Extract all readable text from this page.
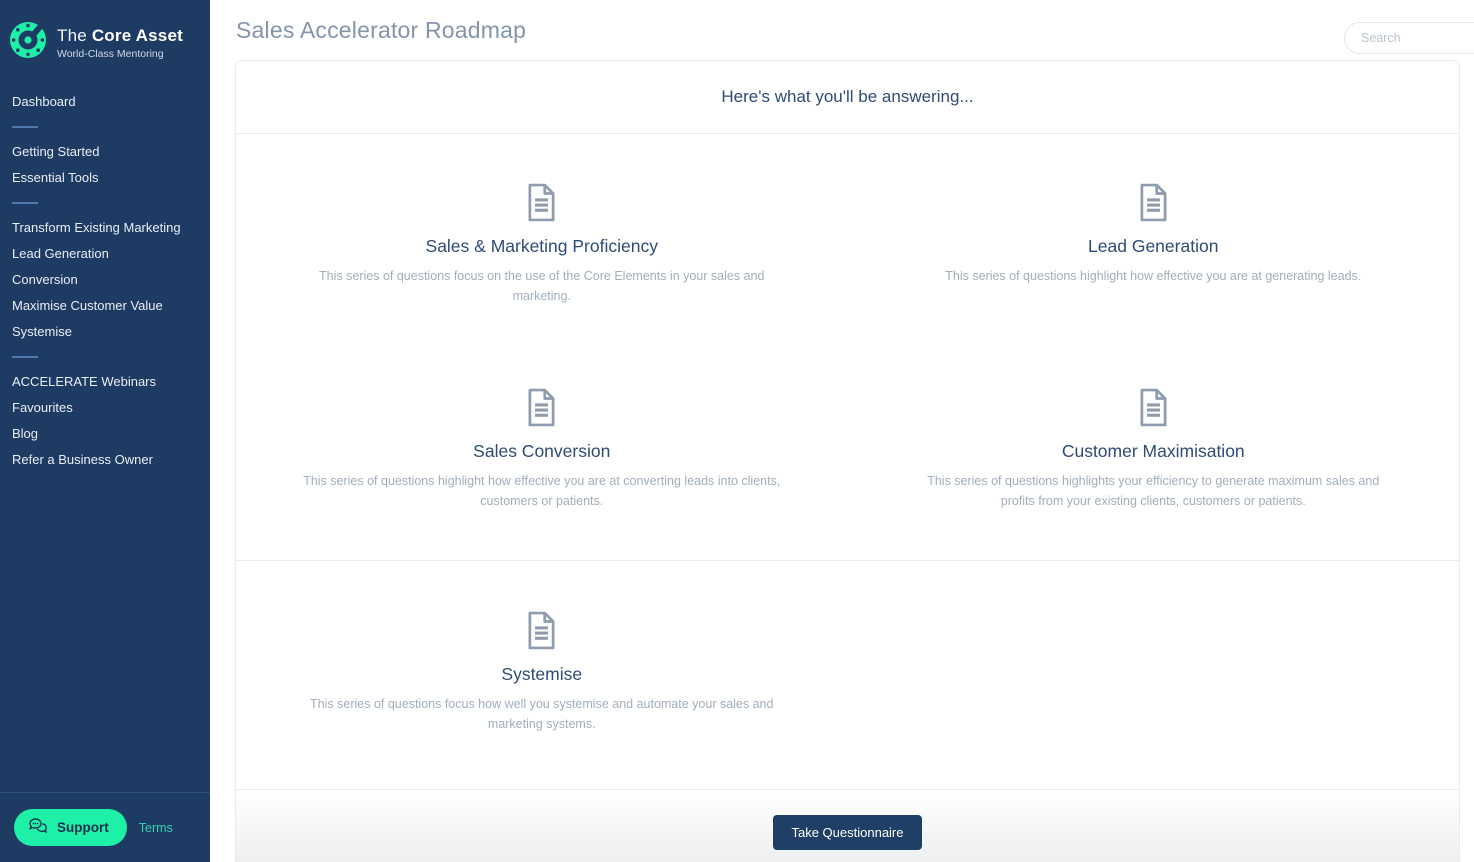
The Core Asset
World-Class Mentoring
Dashboard
Getting Started
Essential Tools
Transform Existing Marketing
Lead Generation
Conversion
Maximise Customer Value
Systemise
ACCELERATE Webinars
Favourites
Blog
Refer a Business Owner
Support Terms
Sales Accelerator Roadmap
Search

Here's what you'll be answering...

Sales & Marketing Proficiency

This series of questions focus on the use of the Core Elements in your sales and marketing.

Lead Generation

This series of questions highlight how effective you are at generating leads.

Sales Conversion

This series of questions highlight how effective you are at converting leads into clients, customers or patients.

Customer Maximisation

This series of questions highlights your efficiency to generate maximum sales and profits from your existing clients, customers or patients.

Systemise

This series of questions focus how well you systemise and automate your sales and marketing systems.

Take Questionnaire
